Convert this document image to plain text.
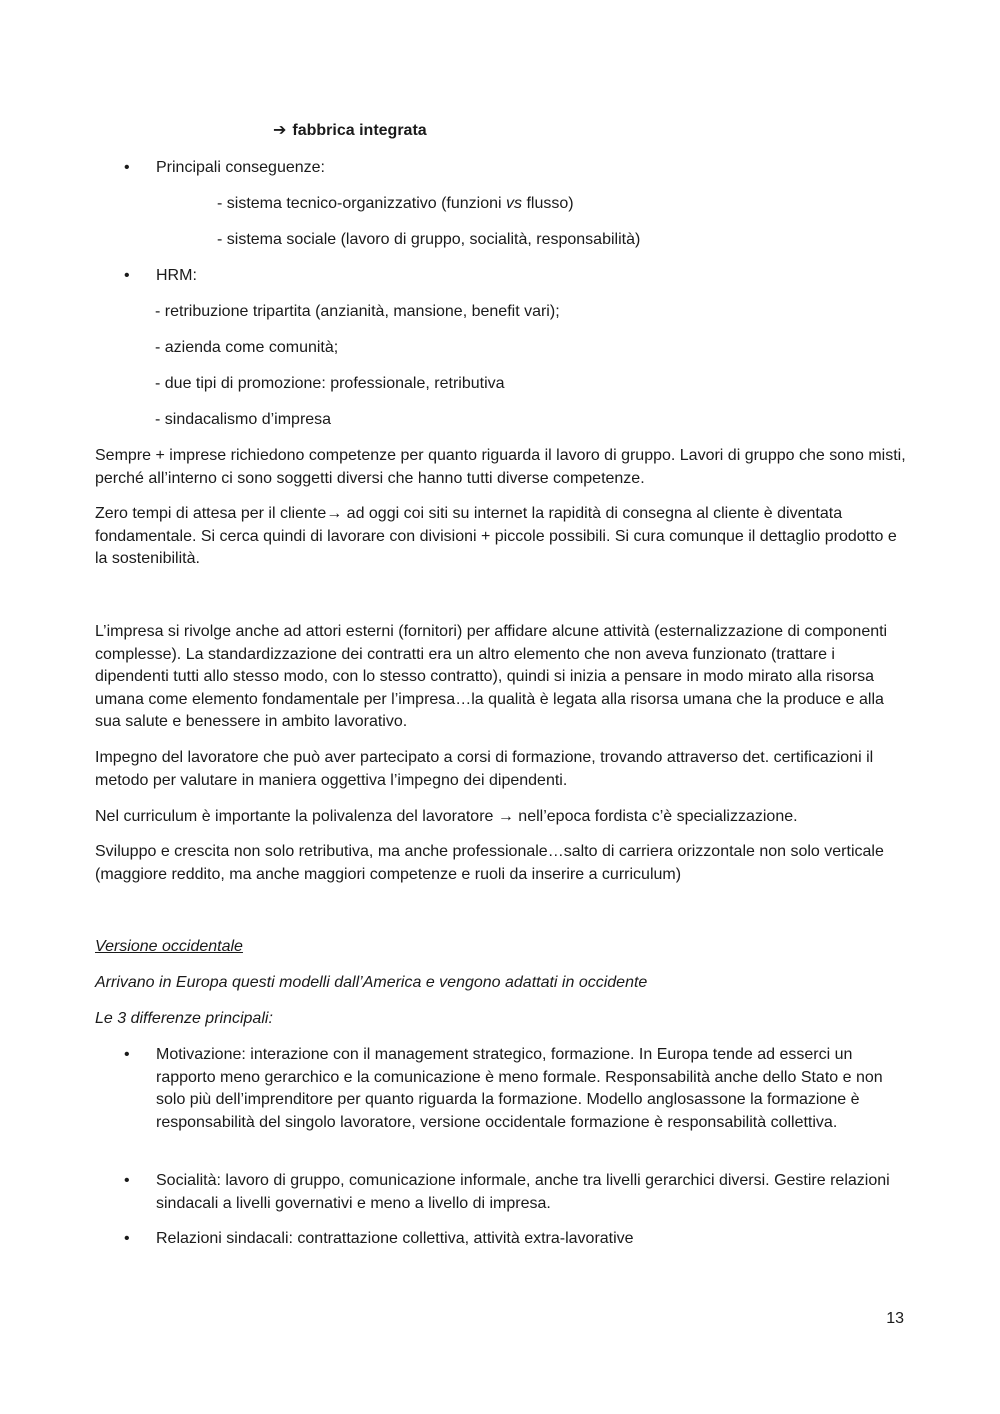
➔ fabbrica integrata
• Principali conseguenze:
- sistema tecnico-organizzativo (funzioni vs flusso)
- sistema sociale (lavoro di gruppo, socialità, responsabilità)
• HRM:
- retribuzione tripartita (anzianità, mansione, benefit vari);
- azienda come comunità;
- due tipi di promozione: professionale, retributiva
- sindacalismo d’impresa

Sempre + imprese richiedono competenze per quanto riguarda il lavoro di gruppo. Lavori di gruppo che sono misti, perché all’interno ci sono soggetti diversi che hanno tutti diverse competenze.

Zero tempi di attesa per il cliente→ ad oggi coi siti su internet la rapidità di consegna al cliente è diventata fondamentale. Si cerca quindi di lavorare con divisioni + piccole possibili. Si cura comunque il dettaglio prodotto e la sostenibilità.

L’impresa si rivolge anche ad attori esterni (fornitori) per affidare alcune attività (esternalizzazione di componenti complesse). La standardizzazione dei contratti era un altro elemento che non aveva funzionato (trattare i dipendenti tutti allo stesso modo, con lo stesso contratto), quindi si inizia a pensare in modo mirato alla risorsa umana come elemento fondamentale per l’impresa…la qualità è legata alla risorsa umana che la produce e alla sua salute e benessere in ambito lavorativo.

Impegno del lavoratore che può aver partecipato a corsi di formazione, trovando attraverso det. certificazioni il metodo per valutare in maniera oggettiva l’impegno dei dipendenti.

Nel curriculum è importante la polivalenza del lavoratore → nell’epoca fordista c’è specializzazione.

Sviluppo e crescita non solo retributiva, ma anche professionale…salto di carriera orizzontale non solo verticale (maggiore reddito, ma anche maggiori competenze e ruoli da inserire a curriculum)

Versione occidentale
Arrivano in Europa questi modelli dall’America e vengono adattati in occidente
Le 3 differenze principali:
• Motivazione: interazione con il management strategico, formazione. In Europa tende ad esserci un rapporto meno gerarchico e la comunicazione è meno formale. Responsabilità anche dello Stato e non solo più dell’imprenditore per quanto riguarda la formazione. Modello anglosassone la formazione è responsabilità del singolo lavoratore, versione occidentale formazione è responsabilità collettiva.

• Socialità: lavoro di gruppo, comunicazione informale, anche tra livelli gerarchici diversi. Gestire relazioni sindacali a livelli governativi e meno a livello di impresa.

• Relazioni sindacali: contrattazione collettiva, attività extra-lavorative

13
